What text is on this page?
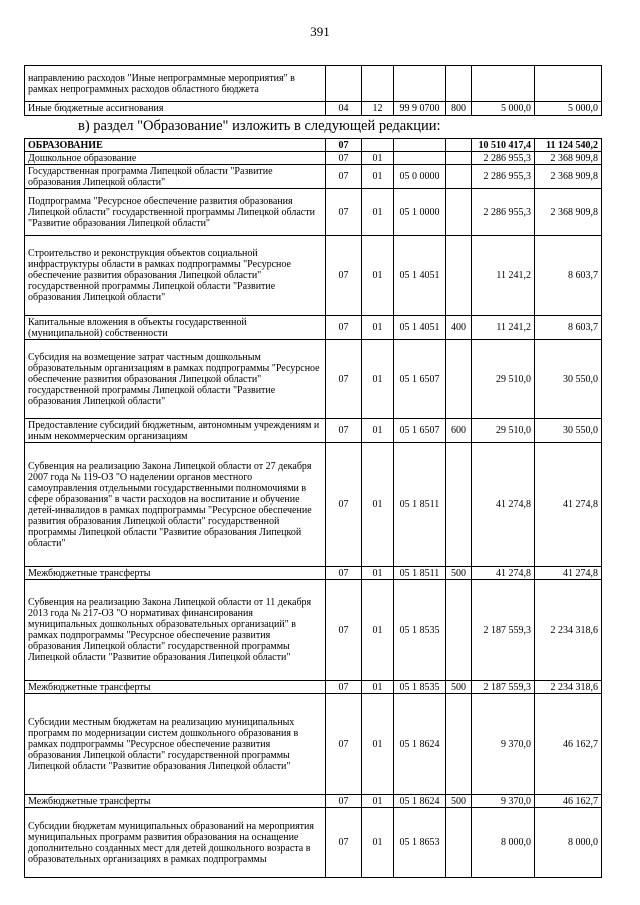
391
направлению расходов "Иные непрограммные мероприятия" в рамках непрограммных расходов областного бюджета						
Иные бюджетные ассигнования	04	12	99 9 0700	800	5 000,0	5 000,0
в) раздел "Образование" изложить в следующей редакции:
ОБРАЗОВАНИЕ	07				10 510 417,4	11 124 540,2
Дошкольное образование	07	01			2 286 955,3	2 368 909,8
Государственная программа Липецкой области "Развитие образования Липецкой области"	07	01	05 0 0000		2 286 955,3	2 368 909,8
Подпрограмма "Ресурсное обеспечение развития образования Липецкой области" государственной программы Липецкой области "Развитие образования Липецкой области"	07	01	05 1 0000		2 286 955,3	2 368 909,8
Строительство и реконструкция объектов социальной инфраструктуры области в рамках подпрограммы "Ресурсное обеспечение развития образования Липецкой области" государственной программы Липецкой области "Развитие образования Липецкой области"	07	01	05 1 4051		11 241,2	8 603,7
Капитальные вложения в объекты государственной (муниципальной) собственности	07	01	05 1 4051	400	11 241,2	8 603,7
Субсидия на возмещение затрат частным дошкольным образовательным организациям в рамках подпрограммы "Ресурсное обеспечение развития образования Липецкой области" государственной программы Липецкой области "Развитие образования Липецкой области"	07	01	05 1 6507		29 510,0	30 550,0
Предоставление субсидий бюджетным, автономным учреждениям и иным некоммерческим организациям	07	01	05 1 6507	600	29 510,0	30 550,0
Субвенция на реализацию Закона Липецкой области от 27 декабря 2007 года № 119-ОЗ "О наделении органов местного самоуправления отдельными государственными полномочиями в сфере образования" в части расходов на воспитание и обучение детей-инвалидов в рамках подпрограммы "Ресурсное обеспечение развития образования Липецкой области" государственной программы Липецкой области "Развитие образования Липецкой области"	07	01	05 1 8511		41 274,8	41 274,8
Межбюджетные трансферты	07	01	05 1 8511	500	41 274,8	41 274,8
Субвенция на реализацию Закона Липецкой области от 11 декабря 2013 года № 217-ОЗ "О нормативах финансирования муниципальных дошкольных образовательных организаций" в рамках подпрограммы "Ресурсное обеспечение развития образования Липецкой области" государственной программы Липецкой области "Развитие образования Липецкой области"	07	01	05 1 8535		2 187 559,3	2 234 318,6
Межбюджетные трансферты	07	01	05 1 8535	500	2 187 559,3	2 234 318,6
Субсидии местным бюджетам на реализацию муниципальных программ по модернизации систем дошкольного образования в рамках подпрограммы "Ресурсное обеспечение развития образования Липецкой области" государственной программы Липецкой области "Развитие образования Липецкой области"	07	01	05 1 8624		9 370,0	46 162,7
Межбюджетные трансферты	07	01	05 1 8624	500	9 370,0	46 162,7
Субсидии бюджетам муниципальных образований на мероприятия муниципальных программ развития образования на оснащение дополнительно созданных мест для детей дошкольного возраста в образовательных организациях в рамках подпрограммы	07	01	05 1 8653		8 000,0	8 000,0
